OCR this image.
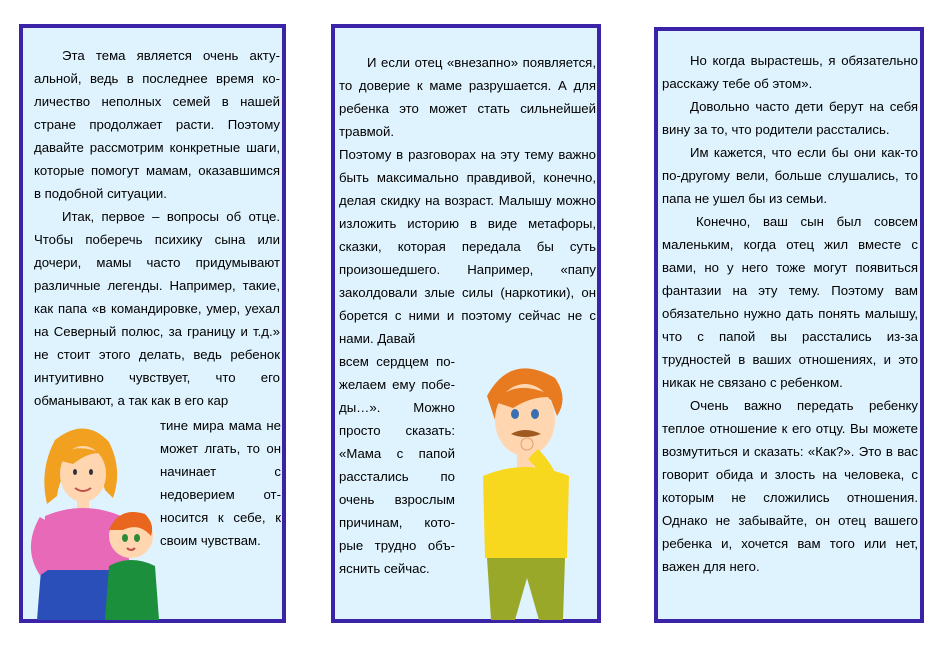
Эта тема является очень актуальной, ведь в последнее время количество неполных семей в нашей стране продолжает расти. Поэтому давайте рассмотрим конкретные шаги, которые помогут мамам, оказавшимся в подобной ситуации.

Итак, первое – вопросы об отце. Чтобы поберечь психику сына или дочери, мамы часто придумывают различные легенды. Например, такие, как папа «в командировке, умер, уехал на Северный полюс, за границу и т.д.» не стоит этого делать, ведь ребенок интуитивно чувствует, что его обманывают, а так как в его кар

тине мира мама не может лгать, то он начинает с недоверием относится к себе, к своим чувствам.

И если отец «внезапно» появляется, то доверие к маме разрушается. А для ребенка это может стать сильнейшей травмой.

Поэтому в разговорах на эту тему важно быть максимально правдивой, конечно, делая скидку на возраст. Малышу можно изложить историю в виде метафоры, сказки, которая передала бы суть произошедшего. Например, «папу заколдовали злые силы (наркотики), он борется с ними и поэтому сейчас не с нами. Давай

всем сердцем пожелаем ему победы…». Можно просто сказать: «Мама с папой расстались по очень взрослым причинам, которые трудно объяснить сейчас.

Но когда вырастешь, я обязательно расскажу тебе об этом».

Довольно часто дети берут на себя вину за то, что родители расстались.

Им кажется, что если бы они как-то по-другому вели, больше слушались, то папа не ушел бы из семьи.

Конечно, ваш сын был совсем маленьким, когда отец жил вместе с вами, но у него тоже могут появиться фантазии на эту тему. Поэтому вам обязательно нужно дать понять малышу, что с папой вы расстались из-за трудностей в ваших отношениях, и это никак не связано с ребенком.

Очень важно передать ребенку теплое отношение к его отцу. Вы можете возмутиться и сказать: «Как?». Это в вас говорит обида и злость на человека, с которым не сложились отношения. Однако не забывайте, он отец вашего ребенка и, хочется вам того или нет, важен для него.
